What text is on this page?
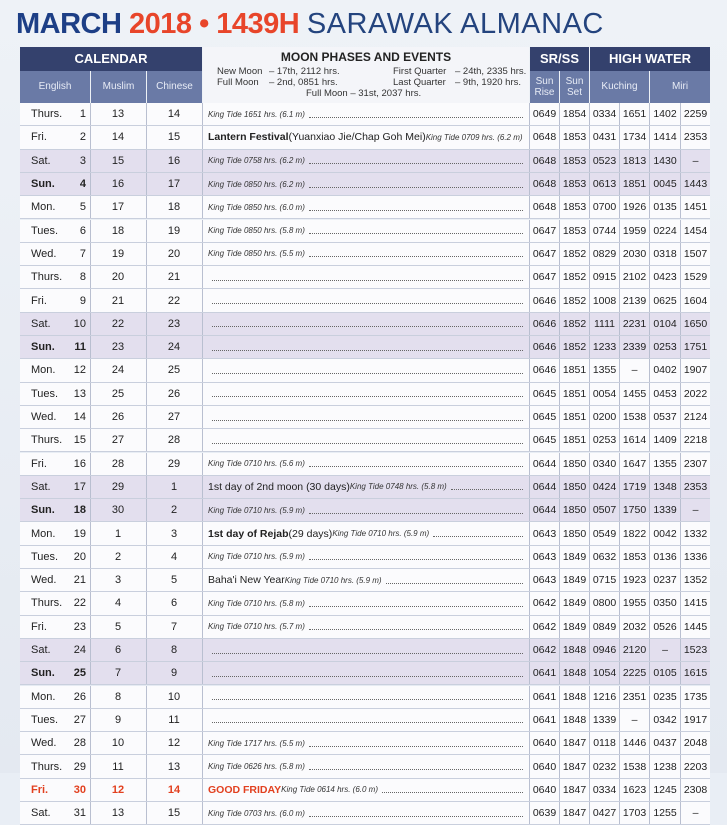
MARCH 2018 • 1439H SARAWAK ALMANAC
CALENDAR
English	Muslim	Chinese
MOON PHASES AND EVENTS
New Moon – 17th, 2112 hrs.
Full Moon – 2nd, 0851 hrs.
First Quarter – 24th, 2335 hrs.
Last Quarter – 9th, 1920 hrs.
Full Moon – 31st, 2037 hrs.
SR/SS
Sun Rise
Sun Set
HIGH WATER
Kuching	Miri
Thurs.	1	13	14	King Tide 1651 hrs. (6.1 m)	0649 1854 0334 1651 1402 2259
Fri.	2	14	15	Lantern Festival (Yuanxiao Jie/Chap Goh Mei) King Tide 0709 hrs. (6.2 m) 0648 1853 0431 1734 1414 2353
Sat.	3	15	16	King Tide 0758 hrs. (6.2 m)	0648 1853 0523 1813 1430	–
Sun.	4	16	17	King Tide 0850 hrs. (6.2 m)	0648 1853 0613 1851 0045 1443
Mon.	5	17	18	King Tide 0850 hrs. (6.0 m)	0648 1853 0700 1926 0135 1451
Tues.	6	18	19	King Tide 0850 hrs. (5.8 m)	0647 1853 0744 1959 0224 1454
Wed.	7	19	20	King Tide 0850 hrs. (5.5 m)	0647 1852 0829 2030 0318 1507
Thurs.	8	20	21	0647 1852 0915 2102 0423 1529
Fri.	9	21	22	0646 1852 1008 2139 0625 1604
Sat.	10	22	23	0646 1852 1111 2231 0104 1650
Sun.	11	23	24	0646 1852 1233 2339 0253 1751
Mon.	12	24	25	0646 1851 1355	–	0402 1907
Tues.	13	25	26	0645 1851 0054 1455 0453 2022
Wed.	14	26	27	0645 1851 0200 1538 0537 2124
Thurs.	15	27	28	0645 1851 0253 1614 1409 2218
Fri.	16	28	29	King Tide 0710 hrs. (5.6 m)	0644 1850 0340 1647 1355 2307
Sat.	17	29	1	1st day of 2nd moon (30 days) King Tide 0748 hrs. (5.8 m)	0644 1850 0424 1719 1348 2353
Sun.	18	30	2	King Tide 0710 hrs. (5.9 m)	0644 1850 0507 1750 1339	–
Mon.	19	1	3	1st day of Rejab (29 days) King Tide 0710 hrs. (5.9 m)	0643 1850 0549 1822 0042 1332
Tues.	20	2	4	King Tide 0710 hrs. (5.9 m)	0643 1849 0632 1853 0136 1336
Wed.	21	3	5	Baha'i New Year King Tide 0710 hrs. (5.9 m)	0643 1849 0715 1923 0237 1352
Thurs.	22	4	6	King Tide 0710 hrs. (5.8 m)	0642 1849 0800 1955 0350 1415
Fri.	23	5	7	King Tide 0710 hrs. (5.7 m)	0642 1849 0849 2032 0526 1445
Sat.	24	6	8	0642 1848 0946 2120	–	1523
Sun.	25	7	9	0641 1848 1054 2225 0105 1615
Mon.	26	8	10	0641 1848 1216 2351 0235 1735
Tues.	27	9	11	0641 1848 1339	–	0342 1917
Wed.	28	10	12	King Tide 1717 hrs. (5.5 m)	0640 1847 0118 1446 0437 2048
Thurs.	29	11	13	King Tide 0626 hrs. (5.8 m)	0640 1847 0232 1538 1238 2203
Fri.	30	12	14	GOOD FRIDAY King Tide 0614 hrs. (6.0 m)	0640 1847 0334 1623 1245 2308
Sat.	31	13	15	King Tide 0703 hrs. (6.0 m)	0639 1847 0427 1703 1255	–
